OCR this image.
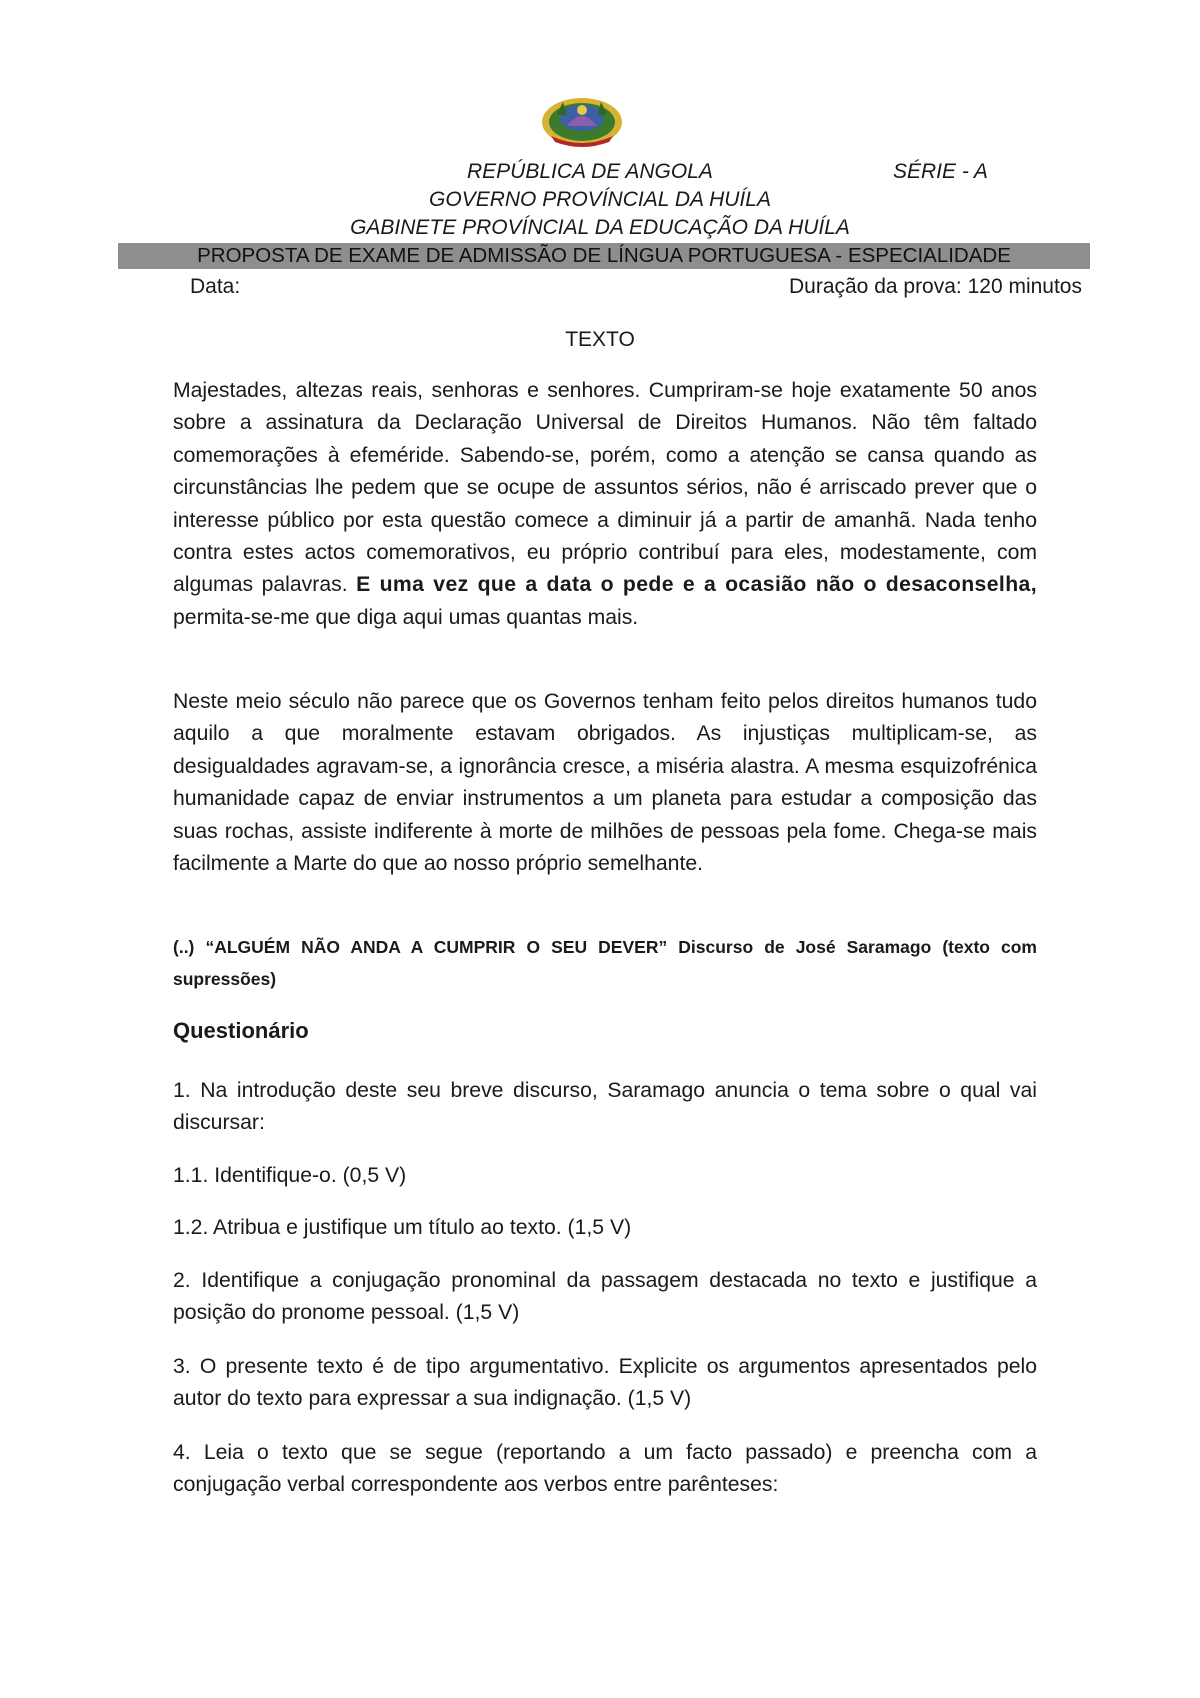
REPÚBLICA DE ANGOLA	SÉRIE - A
GOVERNO PROVÍNCIAL DA HUÍLA
GABINETE PROVÍNCIAL DA EDUCAÇÃO DA HUÍLA
PROPOSTA DE EXAME DE ADMISSÃO DE LÍNGUA PORTUGUESA - ESPECIALIDADE
Data:	Duração da prova: 120 minutos
TEXTO
Majestades, altezas reais, senhoras e senhores. Cumpriram-se hoje exatamente 50 anos sobre a assinatura da Declaração Universal de Direitos Humanos. Não têm faltado comemorações à efeméride. Sabendo-se, porém, como a atenção se cansa quando as circunstâncias lhe pedem que se ocupe de assuntos sérios, não é arriscado prever que o interesse público por esta questão comece a diminuir já a partir de amanhã. Nada tenho contra estes actos comemorativos, eu próprio contribuí para eles, modestamente, com algumas palavras. E uma vez que a data o pede e a ocasião não o desaconselha, permita-se-me que diga aqui umas quantas mais.
Neste meio século não parece que os Governos tenham feito pelos direitos humanos tudo aquilo a que moralmente estavam obrigados. As injustiças multiplicam-se, as desigualdades agravam-se, a ignorância cresce, a miséria alastra. A mesma esquizofrénica humanidade capaz de enviar instrumentos a um planeta para estudar a composição das suas rochas, assiste indiferente à morte de milhões de pessoas pela fome. Chega-se mais facilmente a Marte do que ao nosso próprio semelhante.
(..) “ALGUÉM NÃO ANDA A CUMPRIR O SEU DEVER” Discurso de José Saramago (texto com supressões)
Questionário
1. Na introdução deste seu breve discurso, Saramago anuncia o tema sobre o qual vai discursar:
1.1. Identifique-o. (0,5 V)
1.2. Atribua e justifique um título ao texto. (1,5 V)
2. Identifique a conjugação pronominal da passagem destacada no texto e justifique a posição do pronome pessoal. (1,5 V)
3. O presente texto é de tipo argumentativo. Explicite os argumentos apresentados pelo autor do texto para expressar a sua indignação. (1,5 V)
4. Leia o texto que se segue (reportando a um facto passado) e preencha com a conjugação verbal correspondente aos verbos entre parênteses:
